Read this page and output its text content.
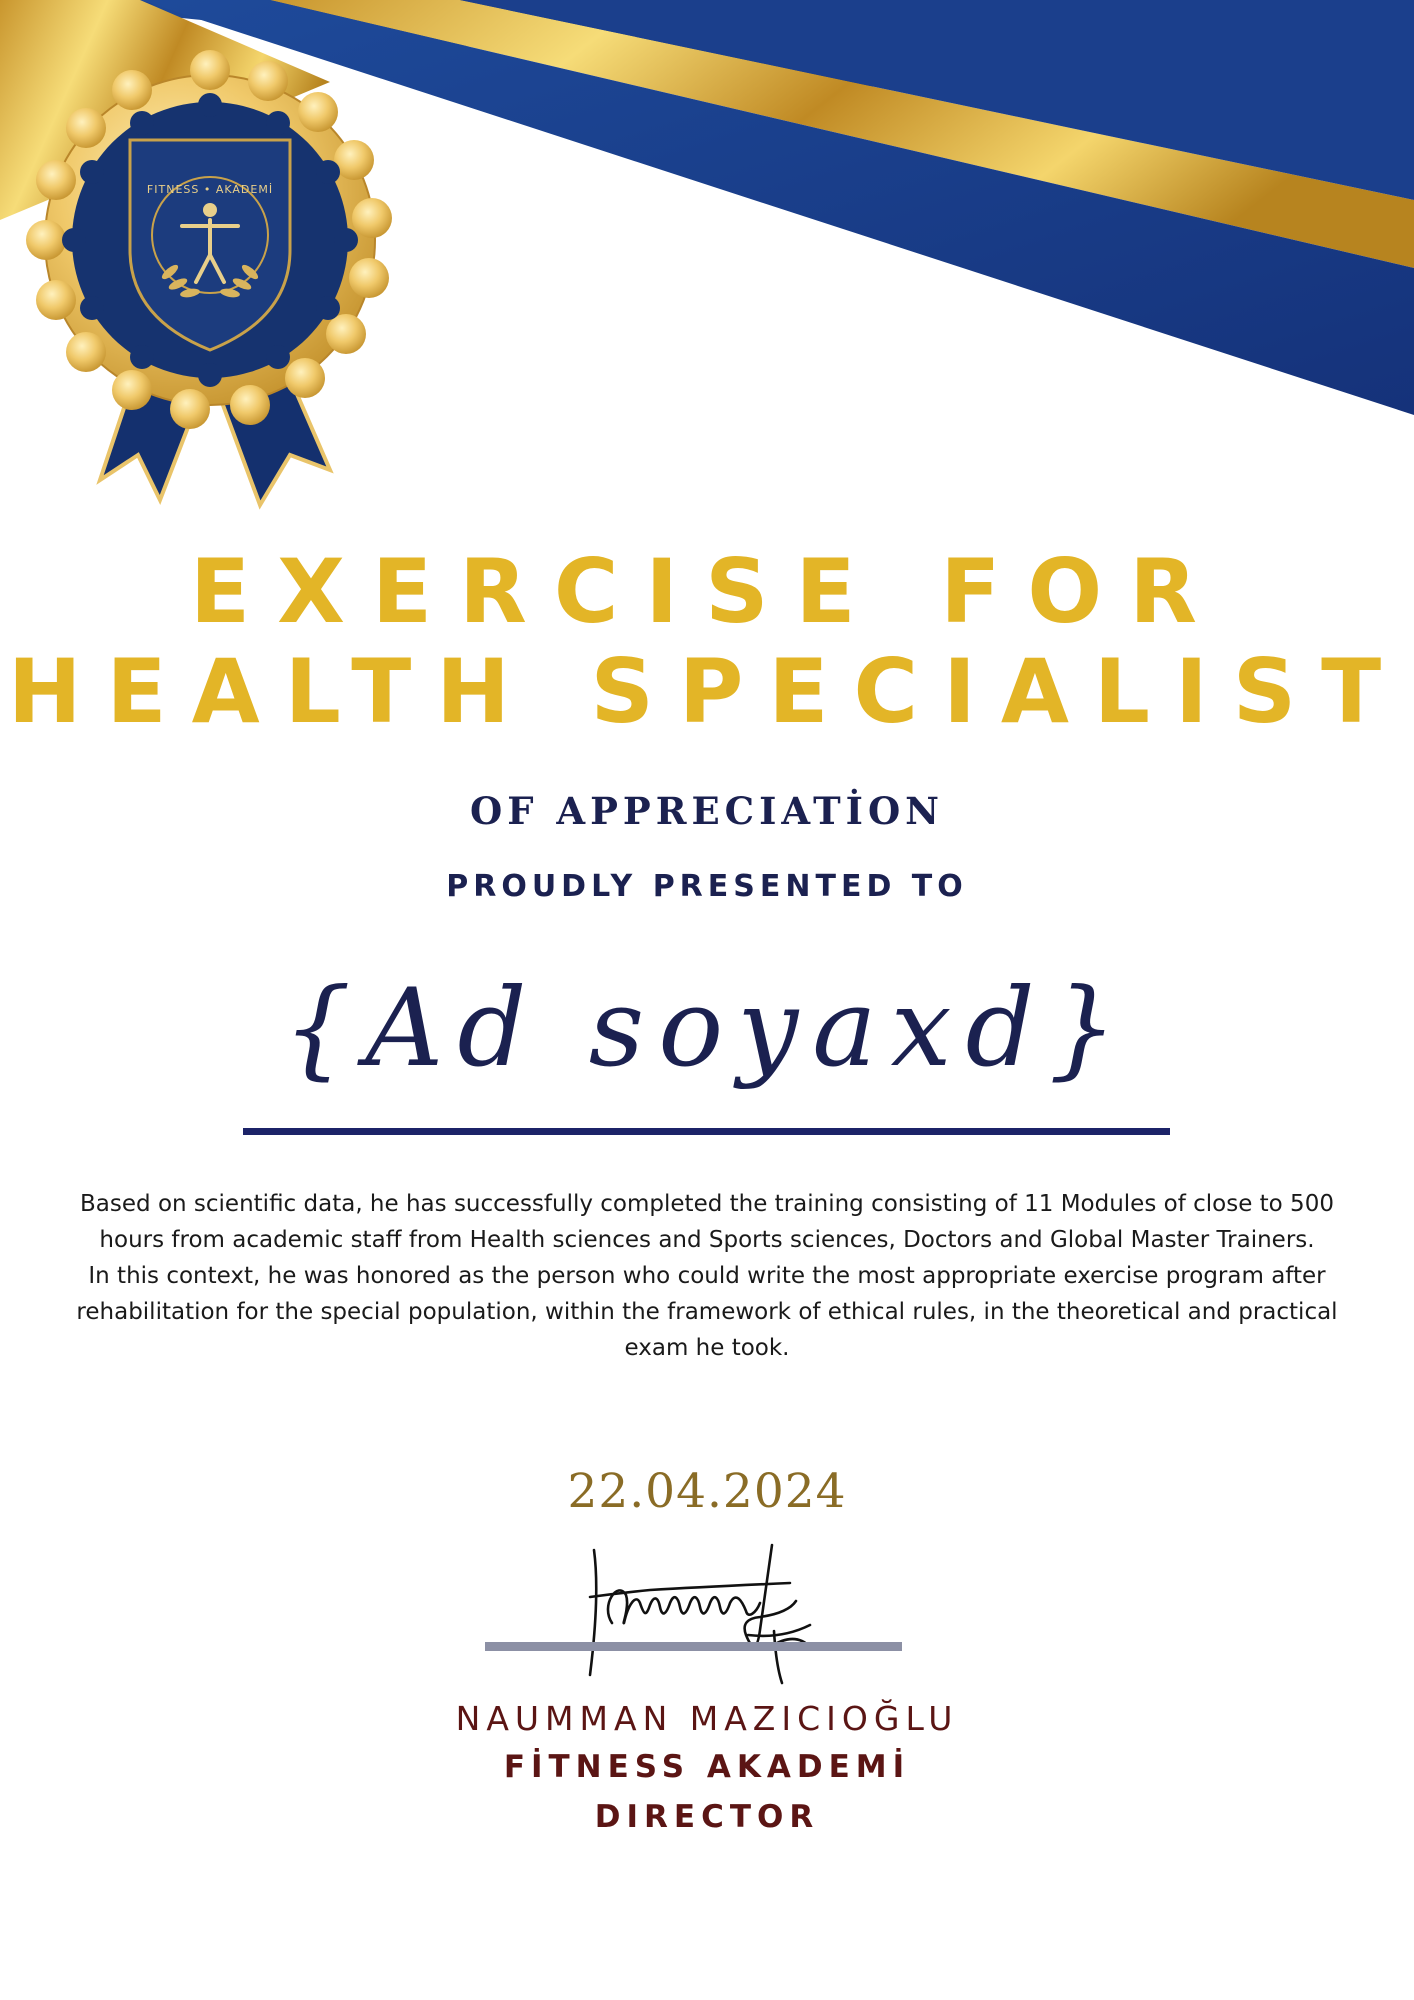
FITNESS • AKADEMİ
EXERCISE FOR
HEALTH SPECIALIST
OF APPRECIATİON
PROUDLY PRESENTED TO
{Ad soyaxd}

Based on scientific data, he has successfully completed the training consisting of 11 Modules of close to 500 hours from academic staff from Health sciences and Sports sciences, Doctors and Global Master Trainers.

In this context, he was honored as the person who could write the most appropriate exercise program after rehabilitation for the special population, within the framework of ethical rules, in the theoretical and practical exam he took.

22.04.2024
NAUMMAN MAZICIOĞLU
FİTNESS AKADEMİ
DIRECTOR
